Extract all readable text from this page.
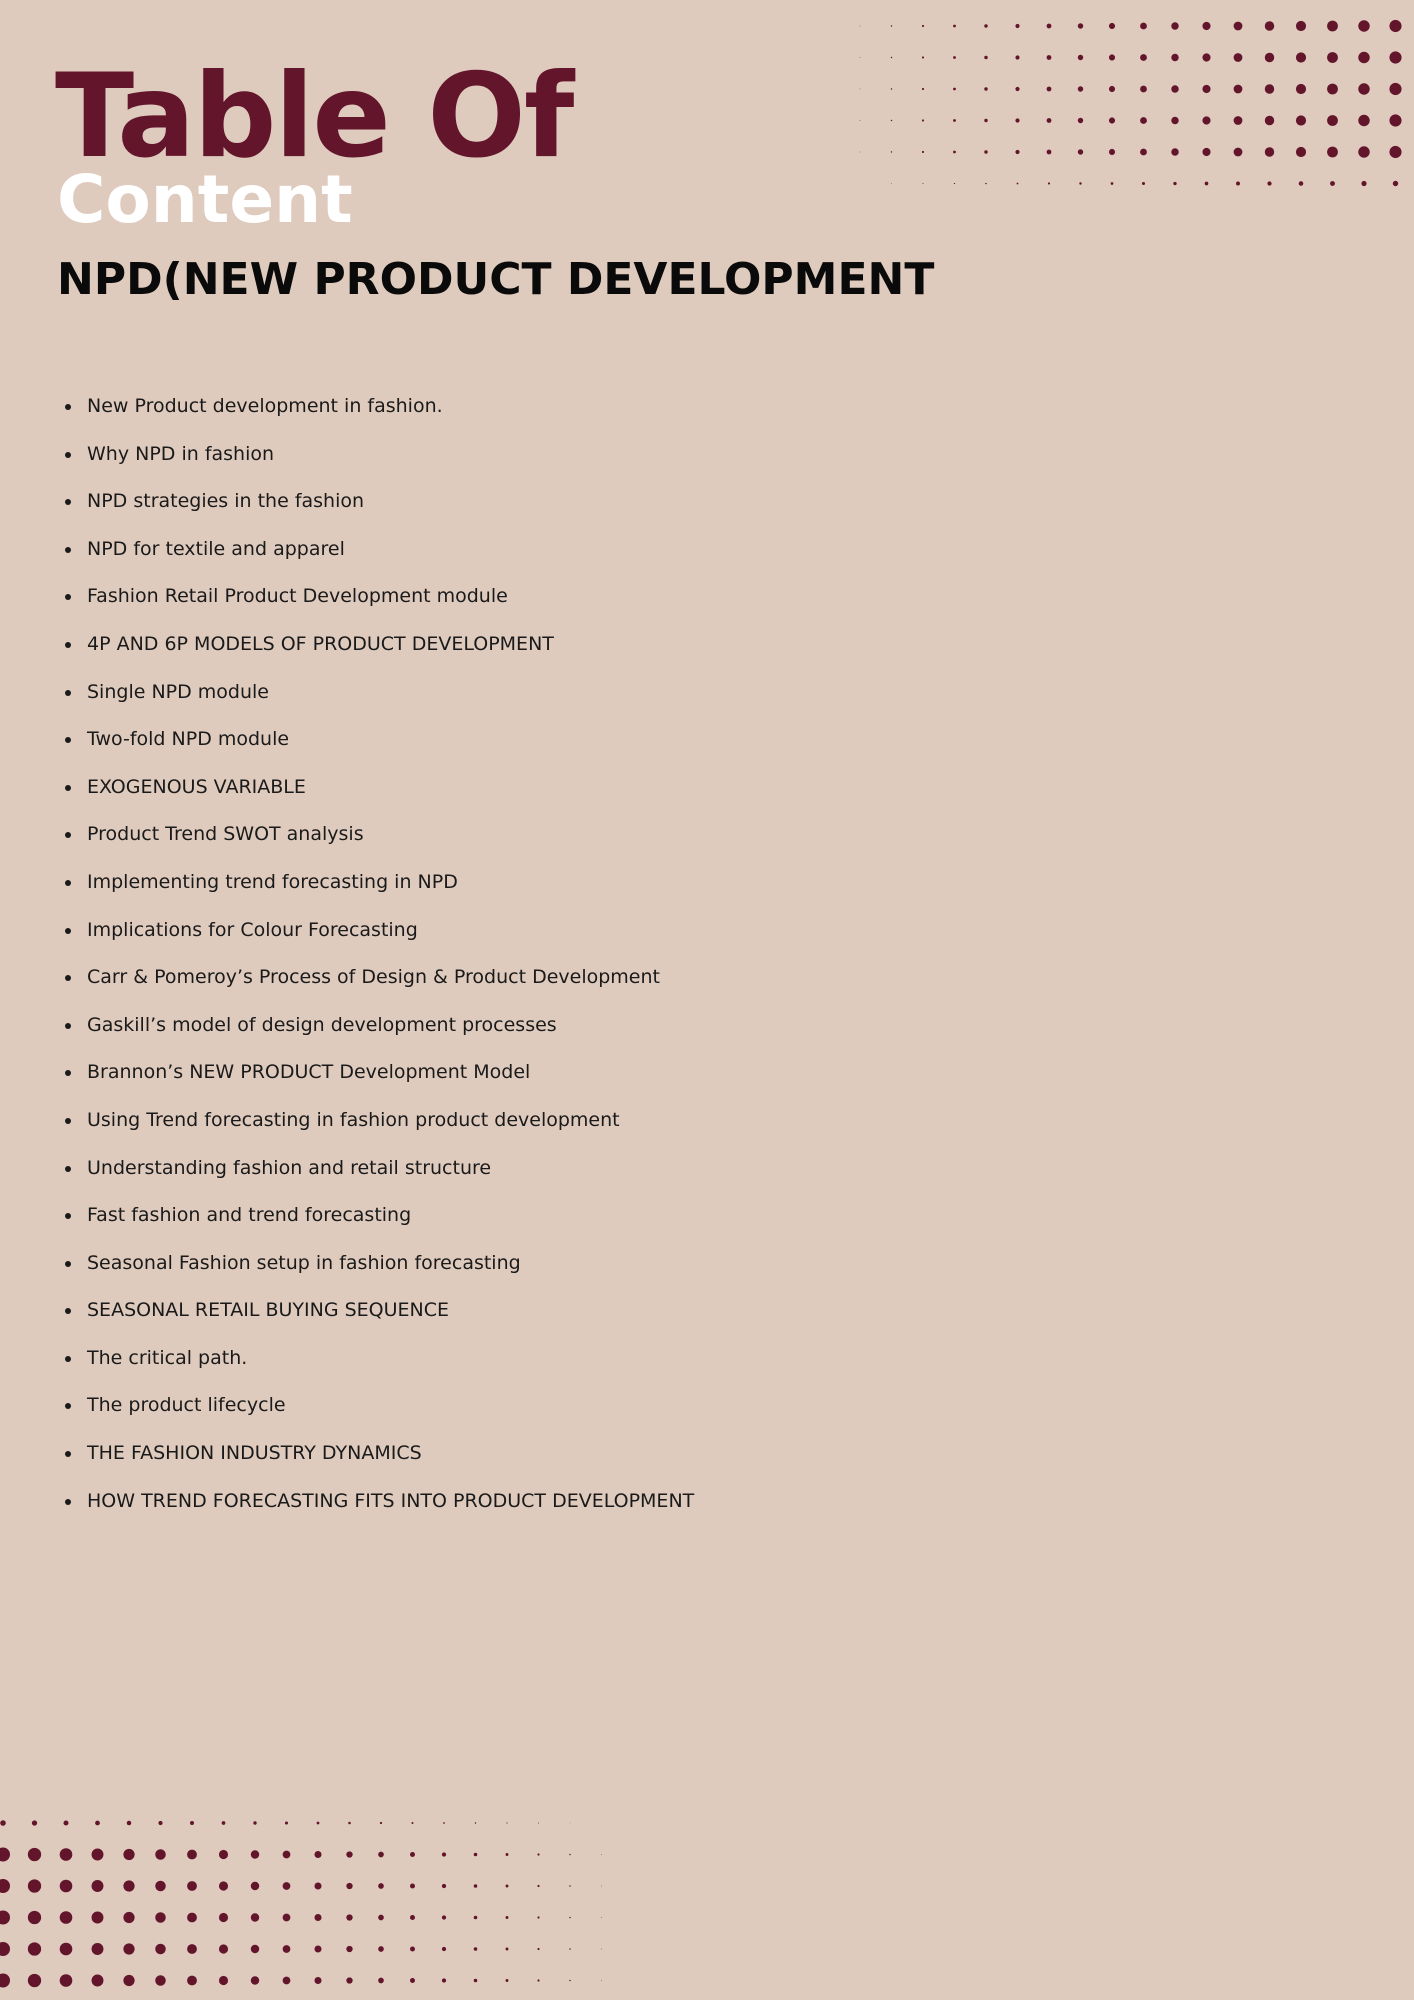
Table Of
Content
NPD(NEW PRODUCT DEVELOPMENT
New Product development in fashion.
Why NPD in fashion
NPD strategies in the fashion
NPD for textile and apparel
Fashion Retail Product Development module
4P AND 6P MODELS OF PRODUCT DEVELOPMENT
Single NPD module
Two-fold NPD module
EXOGENOUS VARIABLE
Product Trend SWOT analysis
Implementing trend forecasting in NPD
Implications for Colour Forecasting
Carr & Pomeroy’s Process of Design & Product Development
Gaskill’s model of design development processes
Brannon’s NEW PRODUCT Development Model
Using Trend forecasting in fashion product development
Understanding fashion and retail structure
Fast fashion and trend forecasting
Seasonal Fashion setup in fashion forecasting
SEASONAL RETAIL BUYING SEQUENCE
The critical path.
The product lifecycle
THE FASHION INDUSTRY DYNAMICS
HOW TREND FORECASTING FITS INTO PRODUCT DEVELOPMENT
